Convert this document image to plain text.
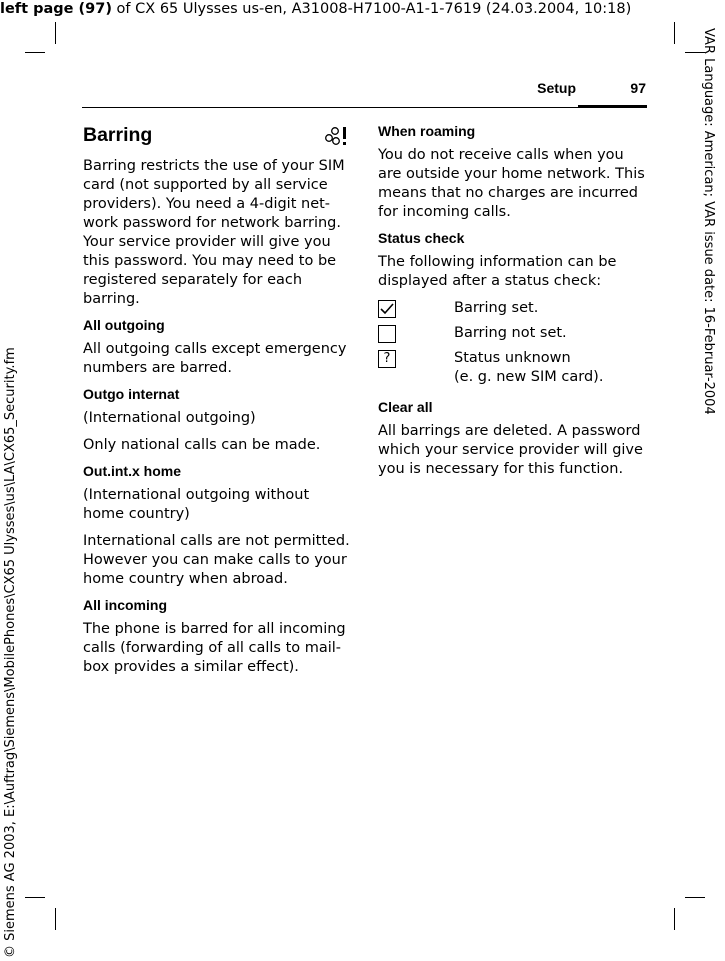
left page (97) of CX 65 Ulysses us-en, A31008-H7100-A1-1-7619 (24.03.2004, 10:18)
VAR Language: American; VAR issue date: 16-Februar-2004
© Siemens AG 2003, E:\Auftrag\Siemens\MobilePhones\CX65 Ulysses\us\LA\CX65_Security.fm
Setup	97
Barring

Barring restricts the use of your SIM card (not supported by all service providers). You need a 4-digit net-work password for network barring. Your service provider will give you this password. You may need to be registered separately for each barring.

All outgoing

All outgoing calls except emergency numbers are barred.

Outgo internat

(International outgoing)

Only national calls can be made.

Out.int.x home

(International outgoing without home country)

International calls are not permitted. However you can make calls to your home country when abroad.

All incoming

The phone is barred for all incoming calls (forwarding of all calls to mail-box provides a similar effect).

When roaming

You do not receive calls when you are outside your home network. This means that no charges are incurred for incoming calls.

Status check

The following information can be displayed after a status check:

Barring set.
Barring not set.
?	Status unknown
(e. g. new SIM card).
Clear all

All barrings are deleted. A password which your service provider will give you is necessary for this function.
